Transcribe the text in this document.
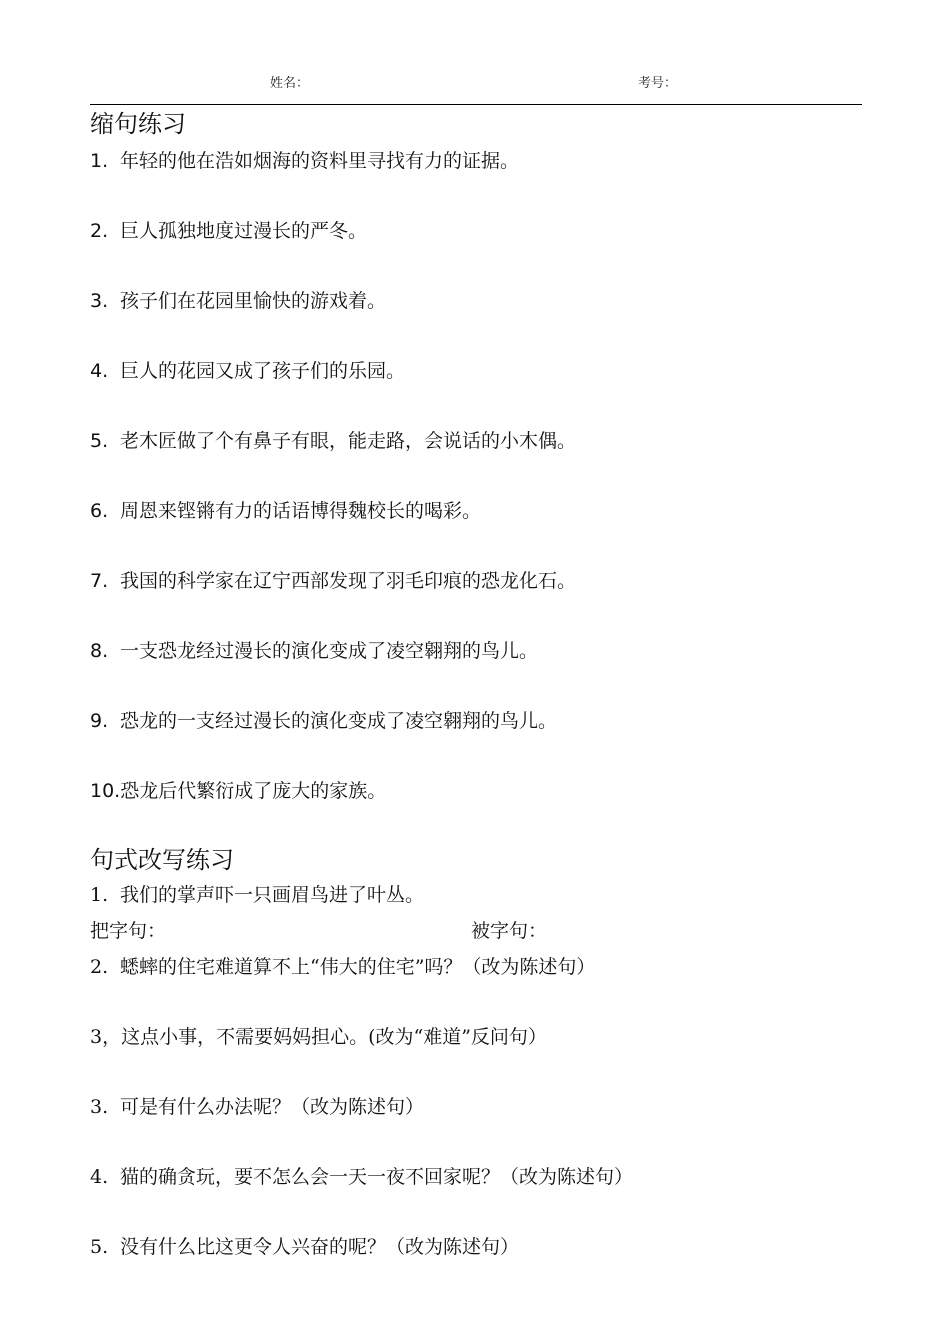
姓名：	考号：
缩句练习
1. 年轻的他在浩如烟海的资料里寻找有力的证据。
2. 巨人孤独地度过漫长的严冬。
3. 孩子们在花园里愉快的游戏着。
4. 巨人的花园又成了孩子们的乐园。
5. 老木匠做了个有鼻子有眼，能走路，会说话的小木偶。
6. 周恩来铿锵有力的话语博得魏校长的喝彩。
7. 我国的科学家在辽宁西部发现了羽毛印痕的恐龙化石。
8. 一支恐龙经过漫长的演化变成了凌空翱翔的鸟儿。
9. 恐龙的一支经过漫长的演化变成了凌空翱翔的鸟儿。
10.恐龙后代繁衍成了庞大的家族。
句式改写练习
1. 我们的掌声吓一只画眉鸟进了叶丛。
把字句：	被字句：
2. 蟋蟀的住宅难道算不上“伟大的住宅”吗？（改为陈述句）
3，这点小事，不需要妈妈担心。(改为“难道”反问句）
3. 可是有什么办法呢？（改为陈述句）
4. 猫的确贪玩，要不怎么会一天一夜不回家呢？（改为陈述句）
5. 没有什么比这更令人兴奋的呢？（改为陈述句）
